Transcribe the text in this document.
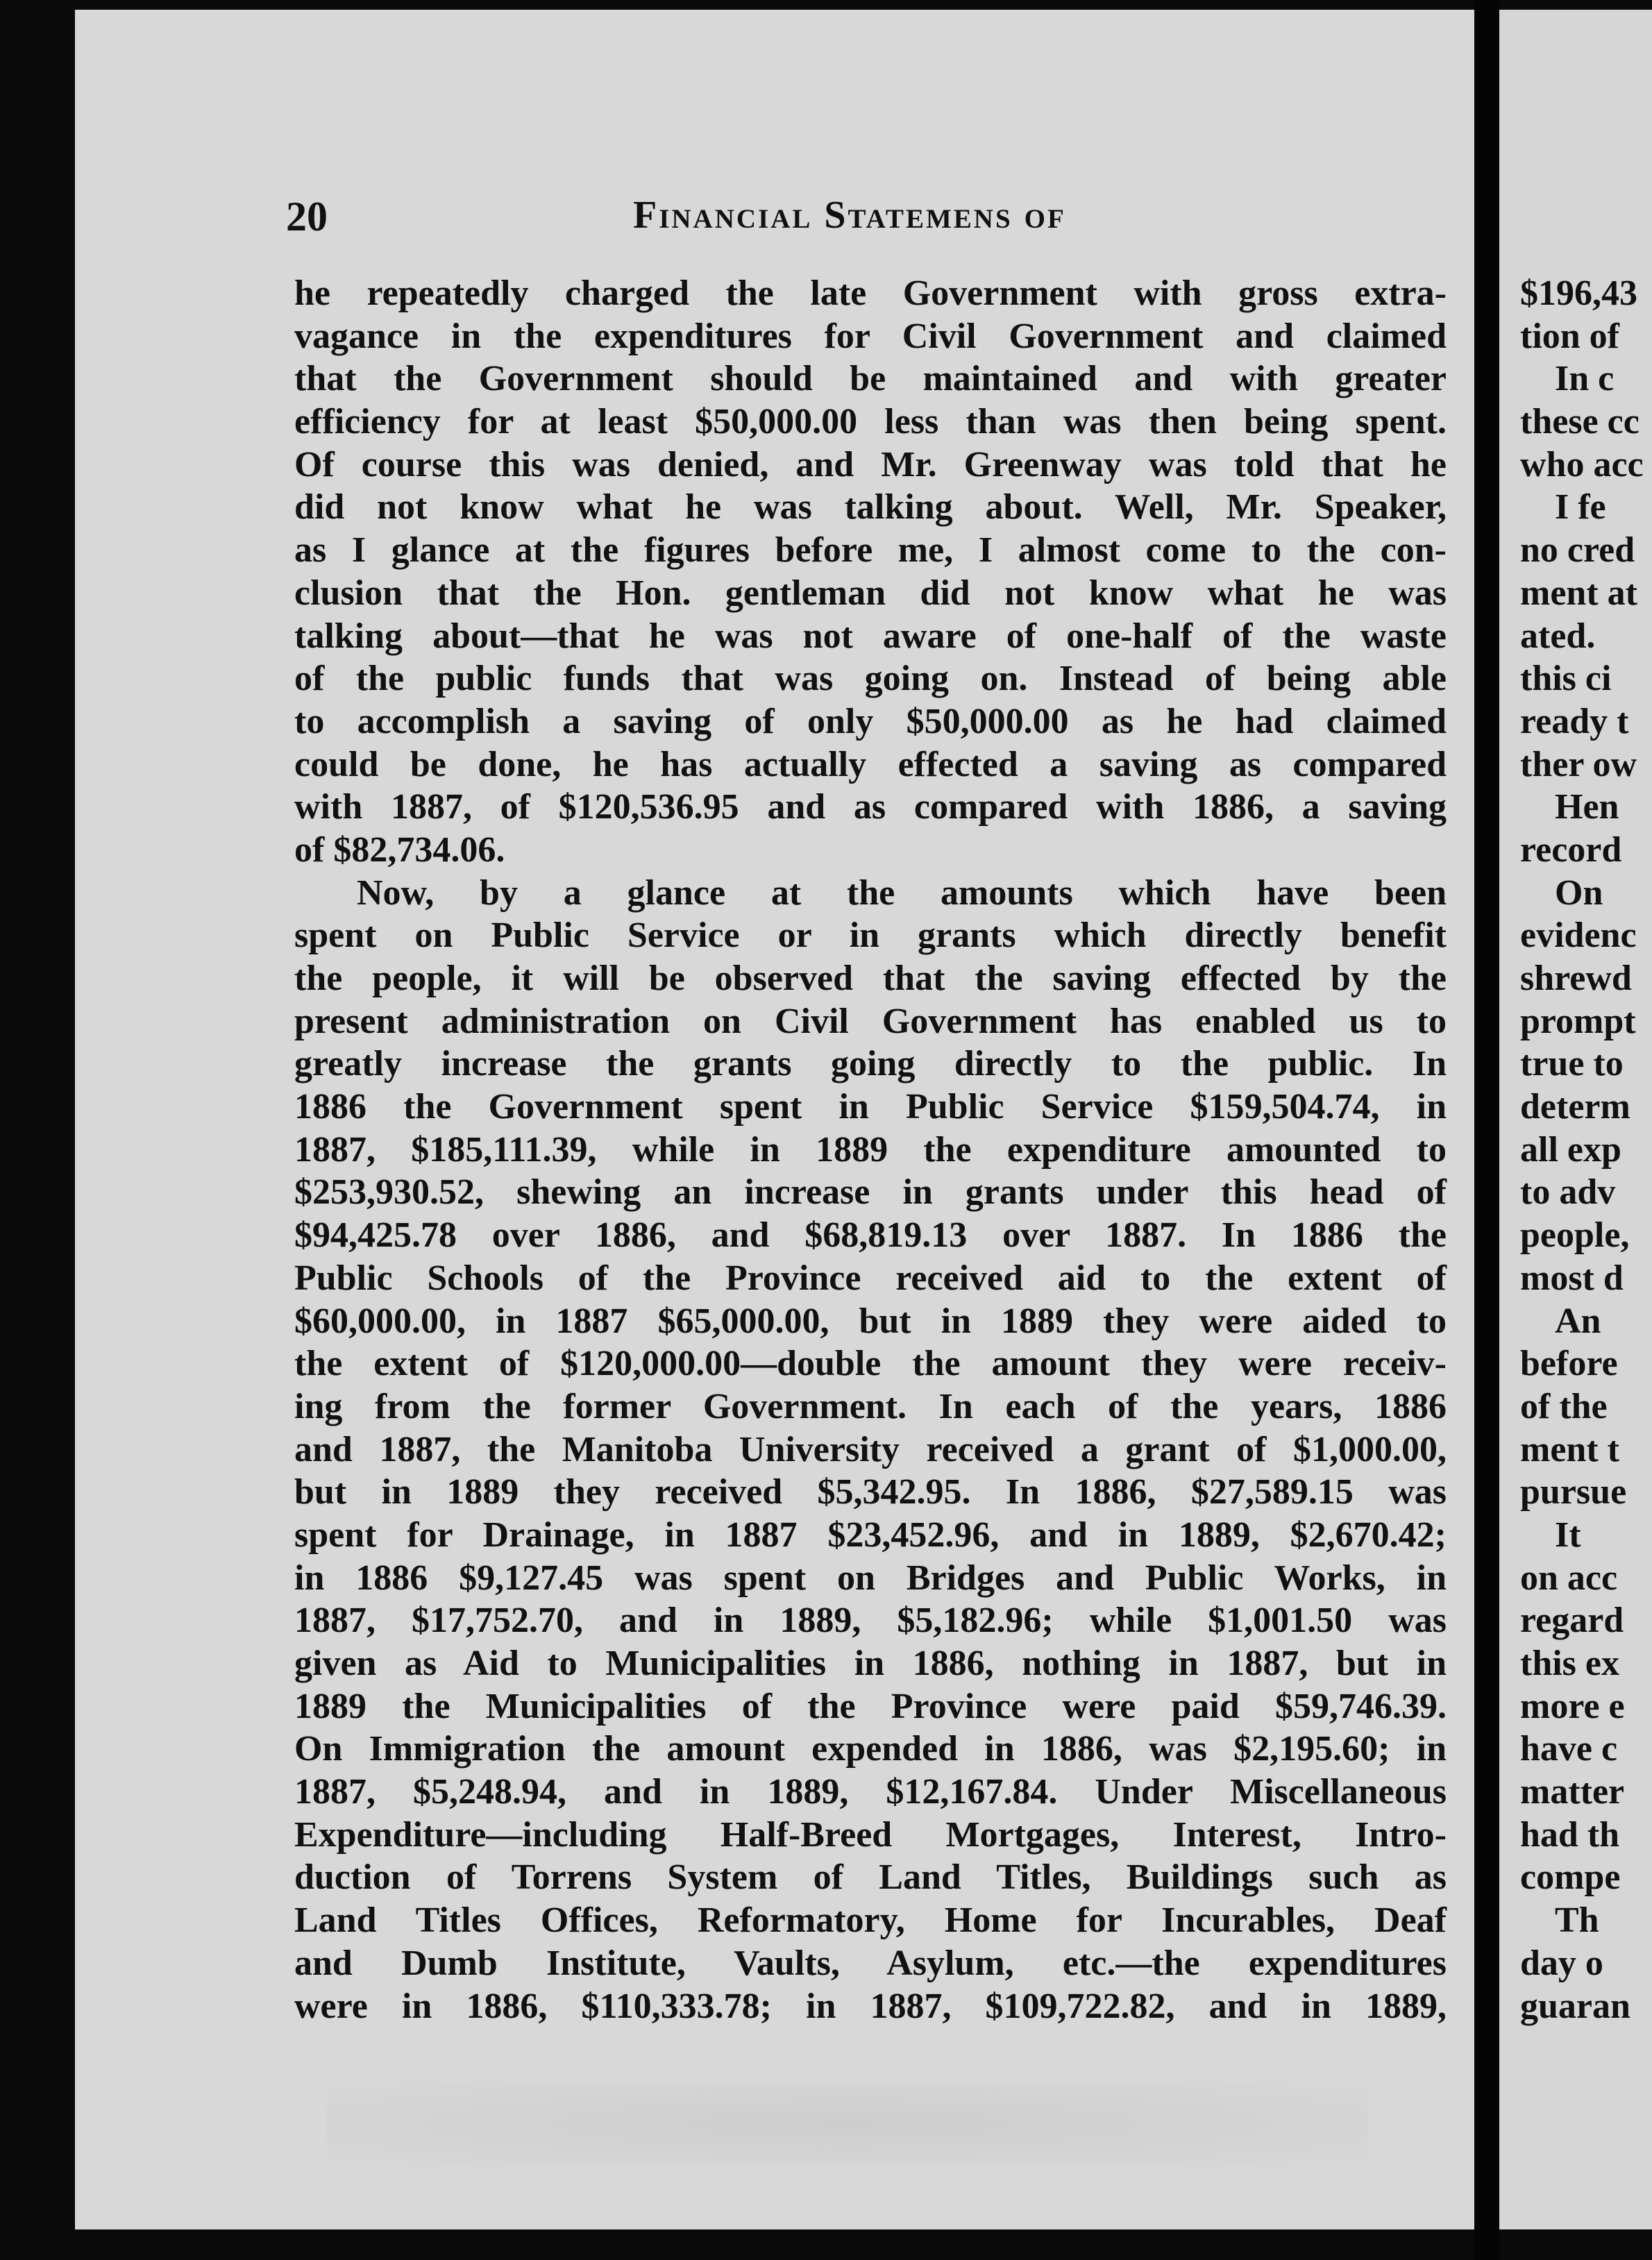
$196,43
tion of
In c
these cc
who acc
I fe
no cred
ment at
ated.
this ci
ready t
ther ow
Hen
record
On
evidenc
shrewd
prompt
true to
determ
all exp
to adv
people,
most d
An
before
of the
ment t
pursue
It
on acc
regard
this ex
more e
have c
matter
had th
compe
Th
day o
guaran
20	Financial Statemens of
he repeatedly charged the late Government with gross extra-
vagance in the expenditures for Civil Government and claimed
that the Government should be maintained and with greater
efficiency for at least $50,000.00 less than was then being spent.
Of course this was denied, and Mr. Greenway was told that he
did not know what he was talking about. Well, Mr. Speaker,
as I glance at the figures before me, I almost come to the con-
clusion that the Hon. gentleman did not know what he was
talking about—that he was not aware of one-half of the waste
of the public funds that was going on. Instead of being able
to accomplish a saving of only $50,000.00 as he had claimed
could be done, he has actually effected a saving as compared
with 1887, of $120,536.95 and as compared with 1886, a saving
of $82,734.06.
Now, by a glance at the amounts which have been
spent on Public Service or in grants which directly benefit
the people, it will be observed that the saving effected by the
present administration on Civil Government has enabled us to
greatly increase the grants going directly to the public. In
1886 the Government spent in Public Service $159,504.74, in
1887, $185,111.39, while in 1889 the expenditure amounted to
$253,930.52, shewing an increase in grants under this head of
$94,425.78 over 1886, and $68,819.13 over 1887. In 1886 the
Public Schools of the Province received aid to the extent of
$60,000.00, in 1887 $65,000.00, but in 1889 they were aided to
the extent of $120,000.00—double the amount they were receiv-
ing from the former Government. In each of the years, 1886
and 1887, the Manitoba University received a grant of $1,000.00,
but in 1889 they received $5,342.95. In 1886, $27,589.15 was
spent for Drainage, in 1887 $23,452.96, and in 1889, $2,670.42;
in 1886 $9,127.45 was spent on Bridges and Public Works, in
1887, $17,752.70, and in 1889, $5,182.96; while $1,001.50 was
given as Aid to Municipalities in 1886, nothing in 1887, but in
1889 the Municipalities of the Province were paid $59,746.39.
On Immigration the amount expended in 1886, was $2,195.60; in
1887, $5,248.94, and in 1889, $12,167.84. Under Miscellaneous
Expenditure—including Half-Breed Mortgages, Interest, Intro-
duction of Torrens System of Land Titles, Buildings such as
Land Titles Offices, Reformatory, Home for Incurables, Deaf
and Dumb Institute, Vaults, Asylum, etc.—the expenditures
were in 1886, $110,333.78; in 1887, $109,722.82, and in 1889,
